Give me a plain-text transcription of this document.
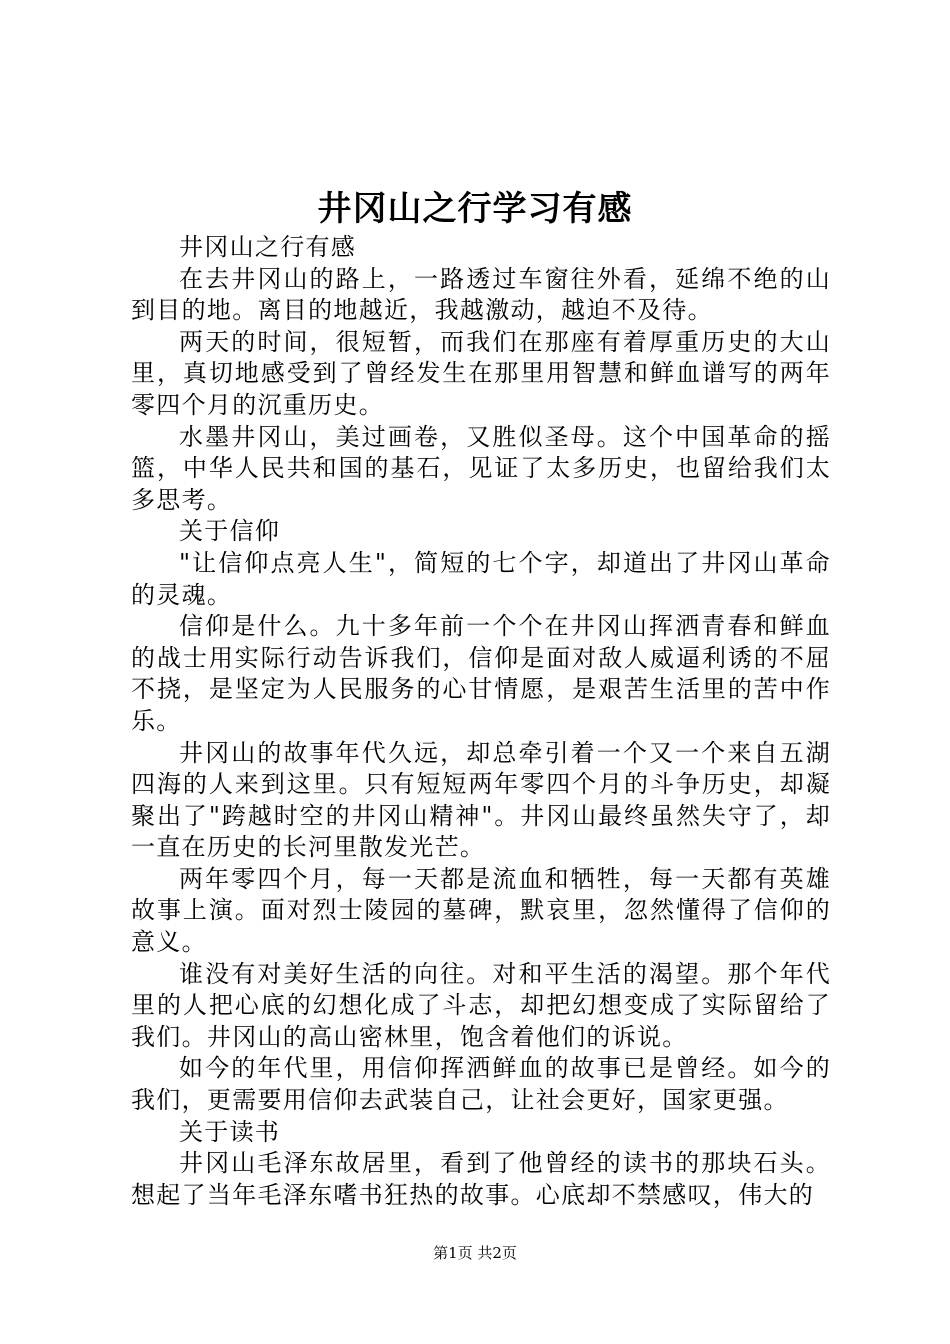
井冈山之行学习有感

井冈山之行有感

在去井冈山的路上，一路透过车窗往外看，延绵不绝的山到目的地。离目的地越近，我越激动，越迫不及待。

两天的时间，很短暂，而我们在那座有着厚重历史的大山里，真切地感受到了曾经发生在那里用智慧和鲜血谱写的两年零四个月的沉重历史。

水墨井冈山，美过画卷，又胜似圣母。这个中国革命的摇篮，中华人民共和国的基石，见证了太多历史，也留给我们太多思考。

关于信仰

"让信仰点亮人生"，简短的七个字，却道出了井冈山革命的灵魂。

信仰是什么。九十多年前一个个在井冈山挥洒青春和鲜血的战士用实际行动告诉我们，信仰是面对敌人威逼利诱的不屈不挠，是坚定为人民服务的心甘情愿，是艰苦生活里的苦中作乐。

井冈山的故事年代久远，却总牵引着一个又一个来自五湖四海的人来到这里。只有短短两年零四个月的斗争历史，却凝聚出了"跨越时空的井冈山精神"。井冈山最终虽然失守了，却一直在历史的长河里散发光芒。

两年零四个月，每一天都是流血和牺牲，每一天都有英雄故事上演。面对烈士陵园的墓碑，默哀里，忽然懂得了信仰的意义。

谁没有对美好生活的向往。对和平生活的渴望。那个年代里的人把心底的幻想化成了斗志，却把幻想变成了实际留给了我们。井冈山的高山密林里，饱含着他们的诉说。

如今的年代里，用信仰挥洒鲜血的故事已是曾经。如今的我们，更需要用信仰去武装自己，让社会更好，国家更强。

关于读书

井冈山毛泽东故居里，看到了他曾经的读书的那块石头。想起了当年毛泽东嗜书狂热的故事。心底却不禁感叹，伟大的

第1页 共2页
